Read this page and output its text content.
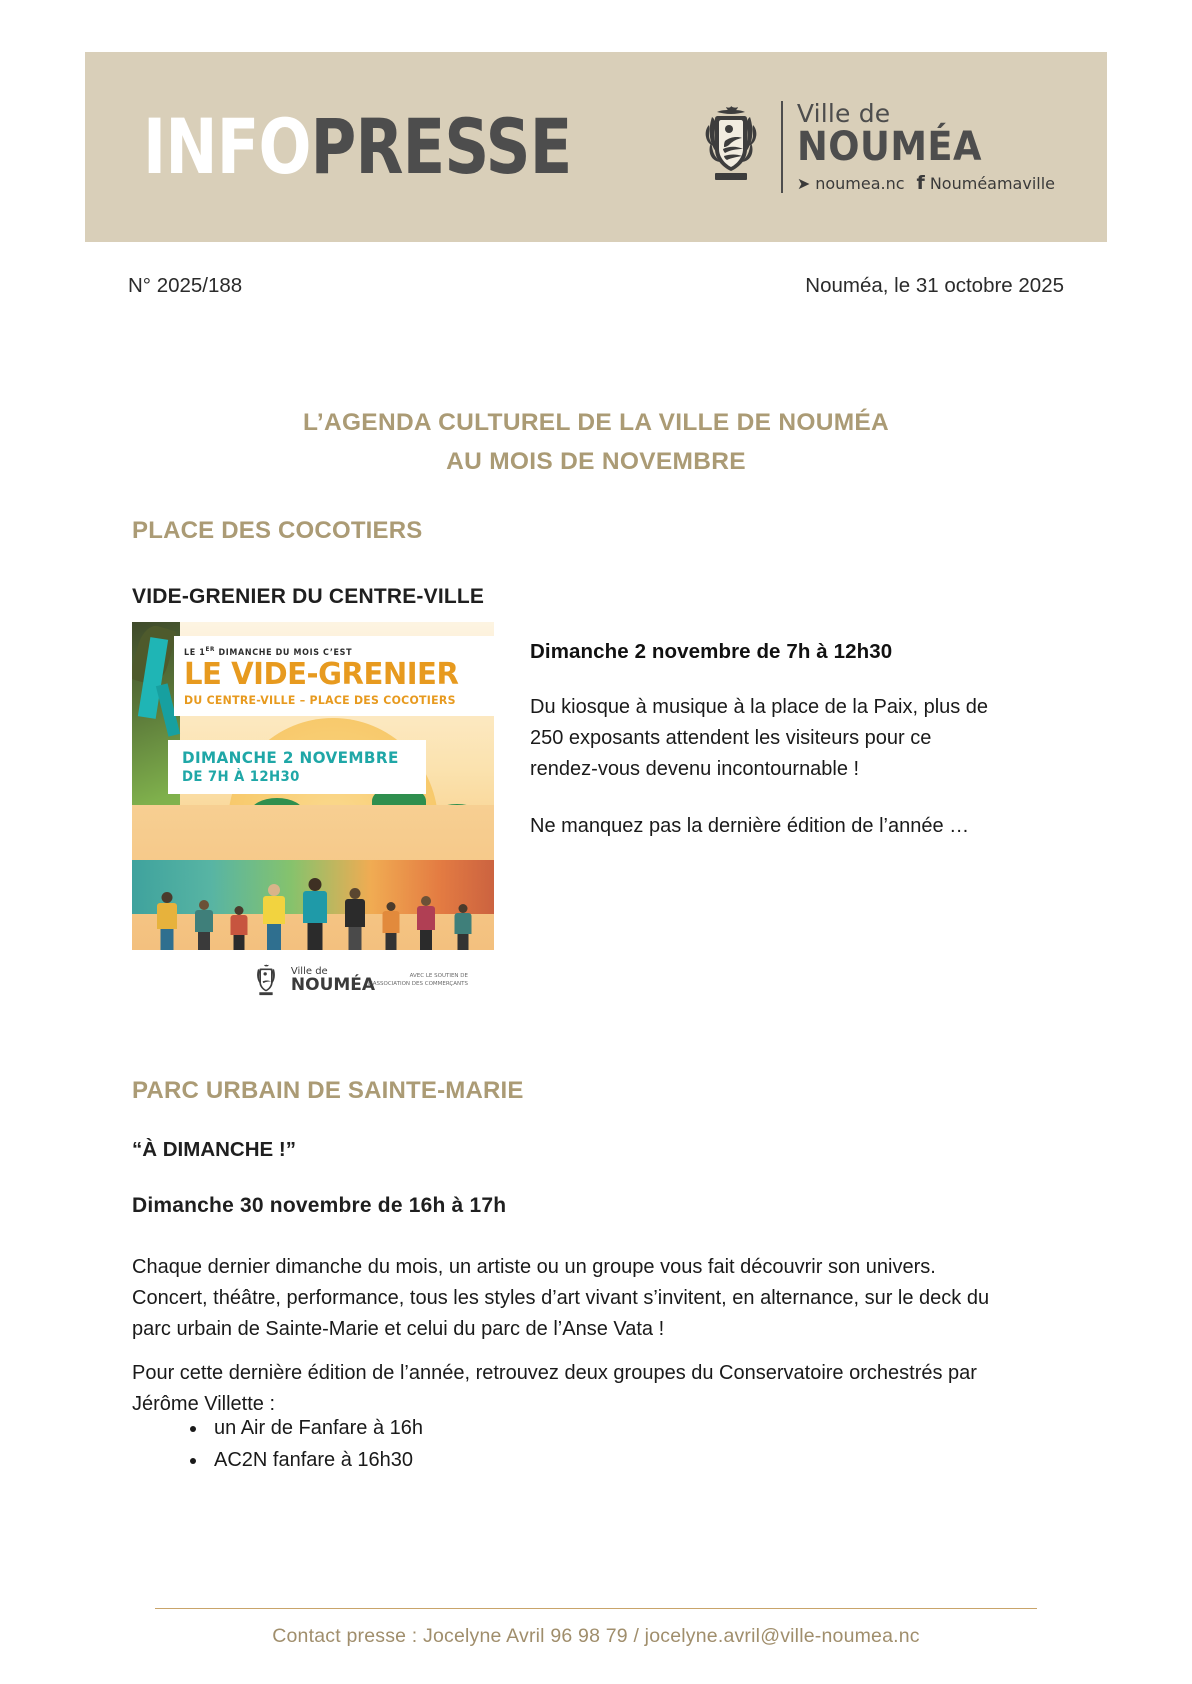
INFOPRESSE	NOUMÉA
Ville de
NOUMÉA
➤ noumea.nc f Nouméamaville
N° 2025/188	Nouméa, le 31 octobre 2025
L’AGENDA CULTUREL DE LA VILLE DE NOUMÉA
AU MOIS DE NOVEMBRE
PLACE DES COCOTIERS
VIDE-GRENIER DU CENTRE-VILLE
LE 1ER DIMANCHE DU MOIS C’EST
LE VIDE-GRENIER
DU CENTRE-VILLE – PLACE DES COCOTIERS
DIMANCHE 2 NOVEMBRE
DE 7H À 12H30
Ville de
NOUMÉA	AVEC LE SOUTIEN DE
L’ASSOCIATION DES COMMERÇANTS
Dimanche 2 novembre de 7h à 12h30
Du kiosque à musique à la place de la Paix, plus de 250 exposants attendent les visiteurs pour ce rendez-vous devenu incontournable !
Ne manquez pas la dernière édition de l’année …
PARC URBAIN DE SAINTE-MARIE
“À DIMANCHE !”
Dimanche 30 novembre de 16h à 17h
Chaque dernier dimanche du mois, un artiste ou un groupe vous fait découvrir son univers. Concert, théâtre, performance, tous les styles d’art vivant s’invitent, en alternance, sur le deck du parc urbain de Sainte-Marie et celui du parc de l’Anse Vata !
Pour cette dernière édition de l’année, retrouvez deux groupes du Conservatoire orchestrés par Jérôme Villette :
• un Air de Fanfare à 16h
• AC2N fanfare à 16h30
Contact presse : Jocelyne Avril 96 98 79 / jocelyne.avril@ville-noumea.nc
